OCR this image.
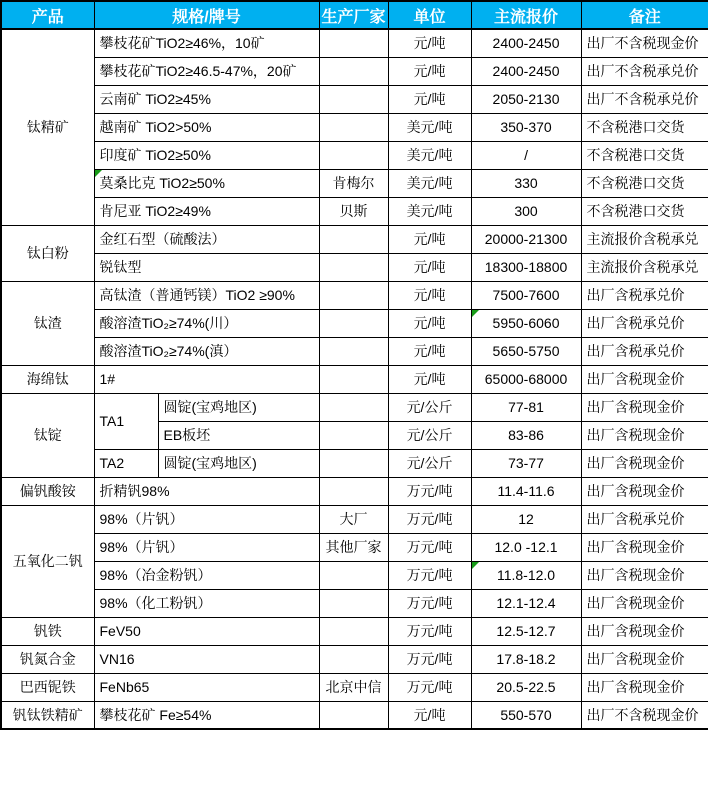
产品	规格/牌号		生产厂家	单位	主流报价	备注
钛精矿	攀枝花矿TiO2≥46%，10矿			元/吨	2400-2450	出厂不含税现金价
	攀枝花矿TiO2≥46.5-47%，20矿			元/吨	2400-2450	出厂不含税承兑价
	云南矿 TiO2≥45%			元/吨	2050-2130	出厂不含税承兑价
	越南矿 TiO2>50%			美元/吨	350-370	不含税港口交货
	印度矿 TiO2≥50%			美元/吨	/	不含税港口交货
	莫桑比克 TiO2≥50%		肯梅尔	美元/吨	330	不含税港口交货
	肯尼亚 TiO2≥49%		贝斯	美元/吨	300	不含税港口交货
钛白粉	金红石型（硫酸法）			元/吨	20000-21300	主流报价含税承兑
	锐钛型			元/吨	18300-18800	主流报价含税承兑
钛渣	高钛渣（普通钙镁）TiO2 ≥90%			元/吨	7500-7600	出厂含税承兑价
	酸溶渣TiO₂≥74%(川）			元/吨	5950-6060	出厂含税承兑价
	酸溶渣TiO₂≥74%(滇）			元/吨	5650-5750	出厂含税承兑价
海绵钛	1#			元/吨	65000-68000	出厂含税现金价
钛锭	TA1	圆锭(宝鸡地区)		元/公斤	77-81	出厂含税现金价
		EB板坯		元/公斤	83-86	出厂含税现金价
	TA2	圆锭(宝鸡地区)		元/公斤	73-77	出厂含税现金价
偏钒酸铵	折精钒98%			万元/吨	11.4-11.6	出厂含税现金价
五氧化二钒	98%（片钒）		大厂	万元/吨	12	出厂含税承兑价
	98%（片钒）		其他厂家	万元/吨	12.0 -12.1	出厂含税现金价
	98%（冶金粉钒）			万元/吨	11.8-12.0	出厂含税现金价
	98%（化工粉钒）			万元/吨	12.1-12.4	出厂含税现金价
钒铁	FeV50			万元/吨	12.5-12.7	出厂含税现金价
钒氮合金	VN16			万元/吨	17.8-18.2	出厂含税现金价
巴西铌铁	FeNb65		北京中信	万元/吨	20.5-22.5	出厂含税现金价
钒钛铁精矿	攀枝花矿 Fe≥54%			元/吨	550-570	出厂不含税现金价
